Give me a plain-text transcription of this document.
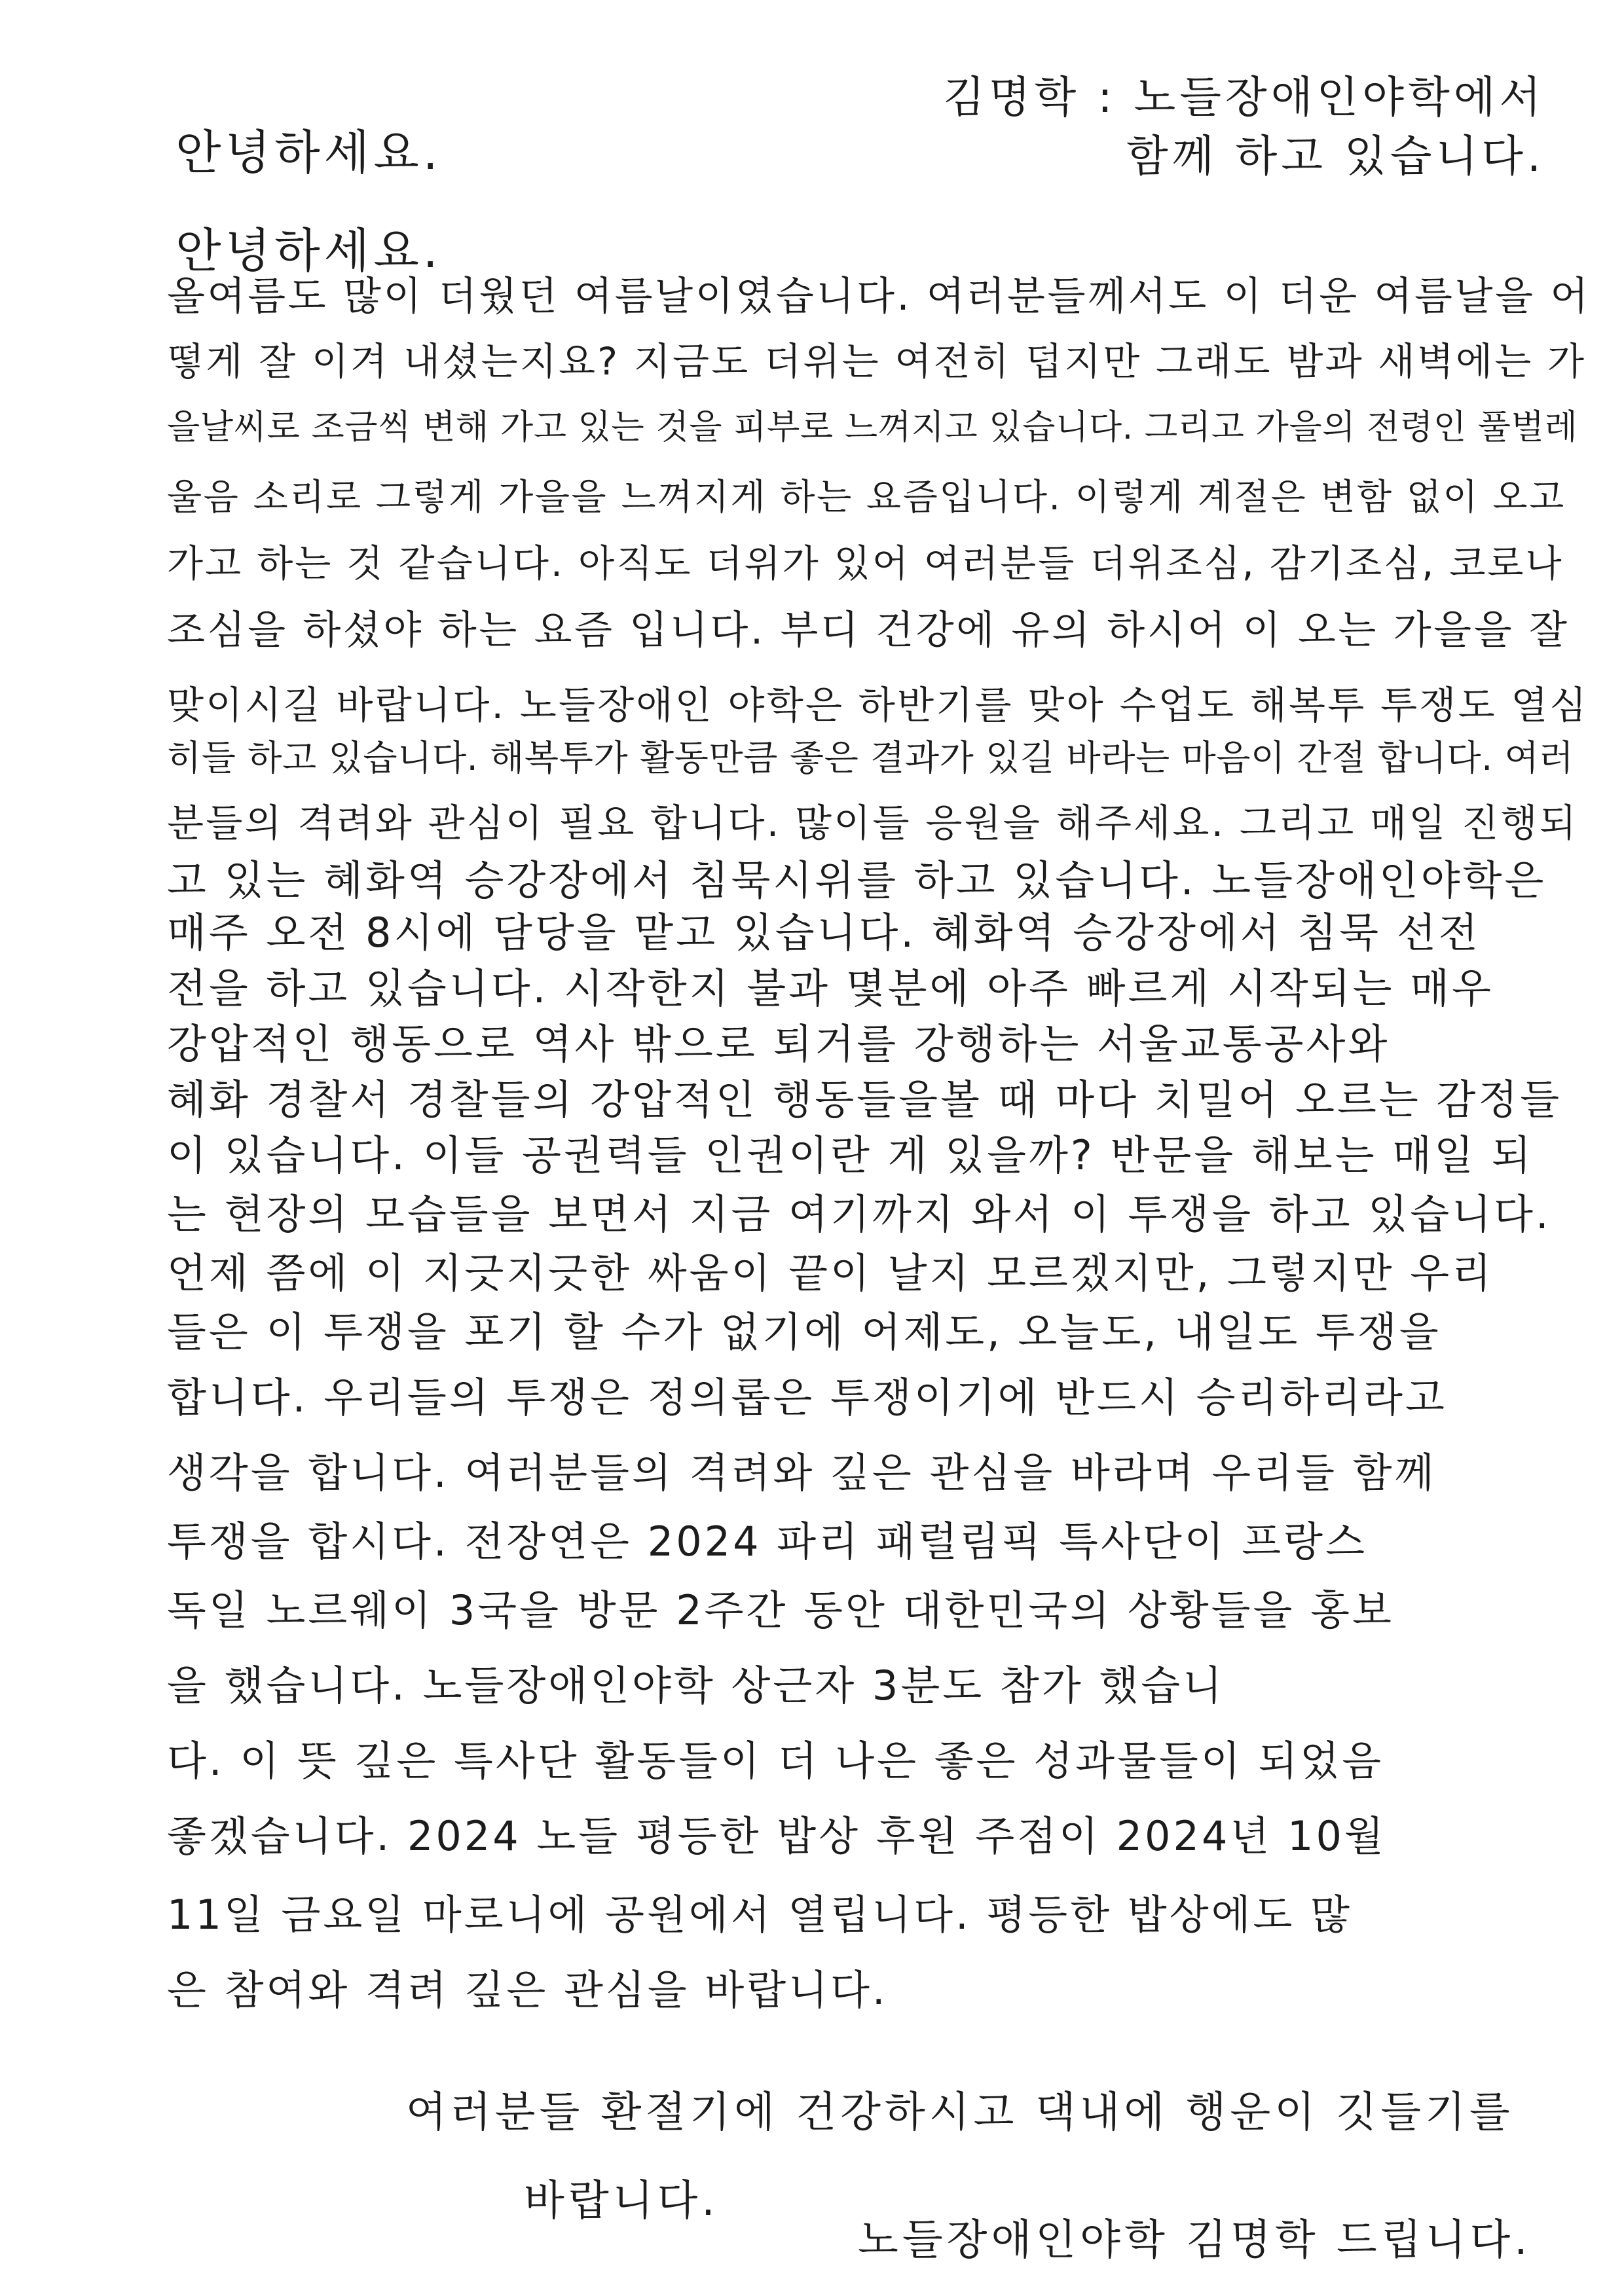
김명학 : 노들장애인야학에서
함께 하고 있습니다.
안녕하세요.
안녕하세요.
올여름도 많이 더웠던 여름날이였습니다. 여러분들께서도 이 더운 여름날을 어
떻게 잘 이겨 내셨는지요? 지금도 더위는 여전히 덥지만 그래도 밤과 새벽에는 가
을날씨로 조금씩 변해 가고 있는 것을 피부로 느껴지고 있습니다. 그리고 가을의 전령인 풀벌레
울음 소리로 그렇게 가을을 느껴지게 하는 요즘입니다. 이렇게 계절은 변함 없이 오고
가고 하는 것 같습니다. 아직도 더위가 있어 여러분들 더위조심, 감기조심, 코로나
조심을 하셨야 하는 요즘 입니다. 부디 건강에 유의 하시어 이 오는 가을을 잘
맞이시길 바랍니다. 노들장애인 야학은 하반기를 맞아 수업도 해복투 투쟁도 열심
히들 하고 있습니다. 해복투가 활동만큼 좋은 결과가 있길 바라는 마음이 간절 합니다. 여러
분들의 격려와 관심이 필요 합니다. 많이들 응원을 해주세요. 그리고 매일 진행되
고 있는 혜화역 승강장에서 침묵시위를 하고 있습니다. 노들장애인야학은
매주 오전 8시에 담당을 맡고 있습니다. 혜화역 승강장에서 침묵 선전
전을 하고 있습니다. 시작한지 불과 몇분에 아주 빠르게 시작되는 매우
강압적인 행동으로 역사 밖으로 퇴거를 강행하는 서울교통공사와
혜화 경찰서 경찰들의 강압적인 행동들을볼 때 마다 치밀어 오르는 감정들
이 있습니다. 이들 공권력들 인권이란 게 있을까? 반문을 해보는 매일 되
는 현장의 모습들을 보면서 지금 여기까지 와서 이 투쟁을 하고 있습니다.
언제 쯤에 이 지긋지긋한 싸움이 끝이 날지 모르겠지만, 그렇지만 우리
들은 이 투쟁을 포기 할 수가 없기에 어제도, 오늘도, 내일도 투쟁을
합니다. 우리들의 투쟁은 정의롭은 투쟁이기에 반드시 승리하리라고
생각을 합니다. 여러분들의 격려와 깊은 관심을 바라며 우리들 함께
투쟁을 합시다. 전장연은 2024 파리 패럴림픽 특사단이 프랑스
독일 노르웨이 3국을 방문 2주간 동안 대한민국의 상황들을 홍보
을 했습니다. 노들장애인야학 상근자 3분도 참가 했습니
다. 이 뜻 깊은 특사단 활동들이 더 나은 좋은 성과물들이 되었음
좋겠습니다. 2024 노들 평등한 밥상 후원 주점이 2024년 10월
11일 금요일 마로니에 공원에서 열립니다. 평등한 밥상에도 많
은 참여와 격려 깊은 관심을 바랍니다.
여러분들 환절기에 건강하시고 댁내에 행운이 깃들기를
바랍니다.
노들장애인야학 김명학 드립니다.
